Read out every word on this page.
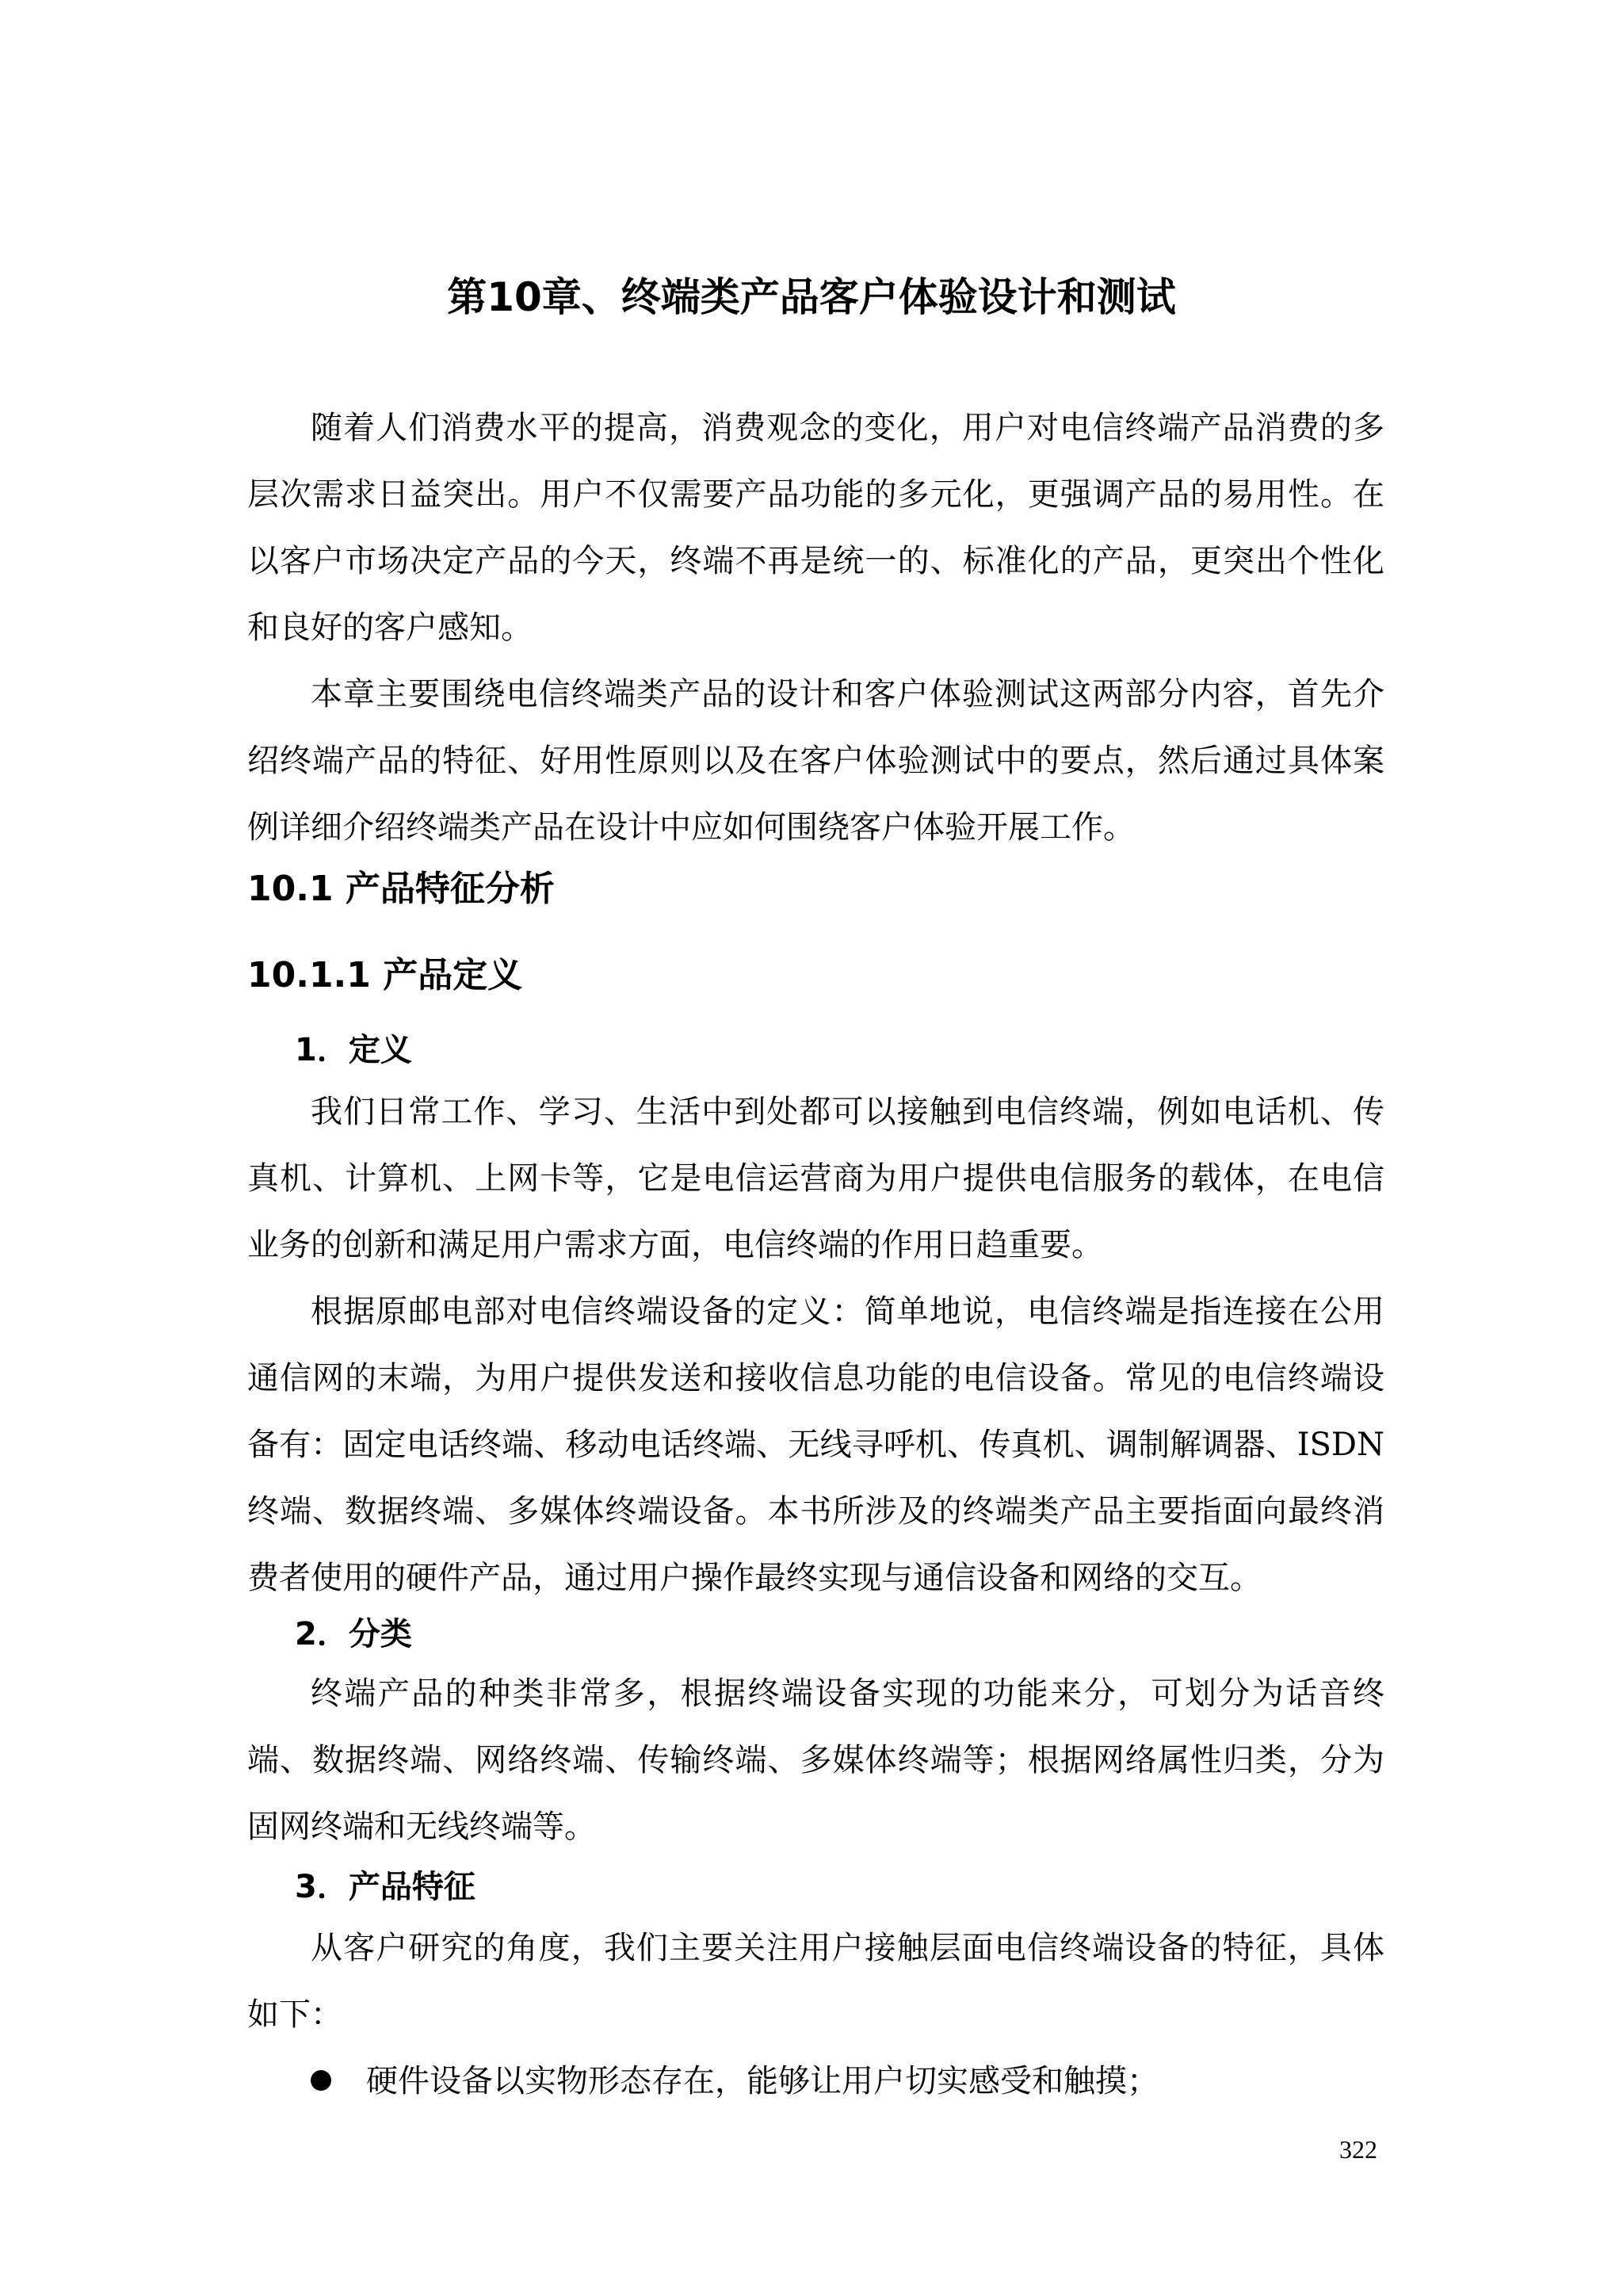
第10章、终端类产品客户体验设计和测试
随着人们消费水平的提高，消费观念的变化，用户对电信终端产品消费的多层次需求日益突出。用户不仅需要产品功能的多元化，更强调产品的易用性。在以客户市场决定产品的今天，终端不再是统一的、标准化的产品，更突出个性化和良好的客户感知。
本章主要围绕电信终端类产品的设计和客户体验测试这两部分内容，首先介绍终端产品的特征、好用性原则以及在客户体验测试中的要点，然后通过具体案例详细介绍终端类产品在设计中应如何围绕客户体验开展工作。
10.1 产品特征分析
10.1.1 产品定义
1．定义
我们日常工作、学习、生活中到处都可以接触到电信终端，例如电话机、传真机、计算机、上网卡等，它是电信运营商为用户提供电信服务的载体，在电信业务的创新和满足用户需求方面，电信终端的作用日趋重要。
根据原邮电部对电信终端设备的定义：简单地说，电信终端是指连接在公用通信网的末端，为用户提供发送和接收信息功能的电信设备。常见的电信终端设备有：固定电话终端、移动电话终端、无线寻呼机、传真机、调制解调器、ISDN终端、数据终端、多媒体终端设备。本书所涉及的终端类产品主要指面向最终消费者使用的硬件产品，通过用户操作最终实现与通信设备和网络的交互。
2．分类
终端产品的种类非常多，根据终端设备实现的功能来分，可划分为话音终端、数据终端、网络终端、传输终端、多媒体终端等；根据网络属性归类，分为固网终端和无线终端等。
3．产品特征
从客户研究的角度，我们主要关注用户接触层面电信终端设备的特征，具体如下：
硬件设备以实物形态存在，能够让用户切实感受和触摸；
322
